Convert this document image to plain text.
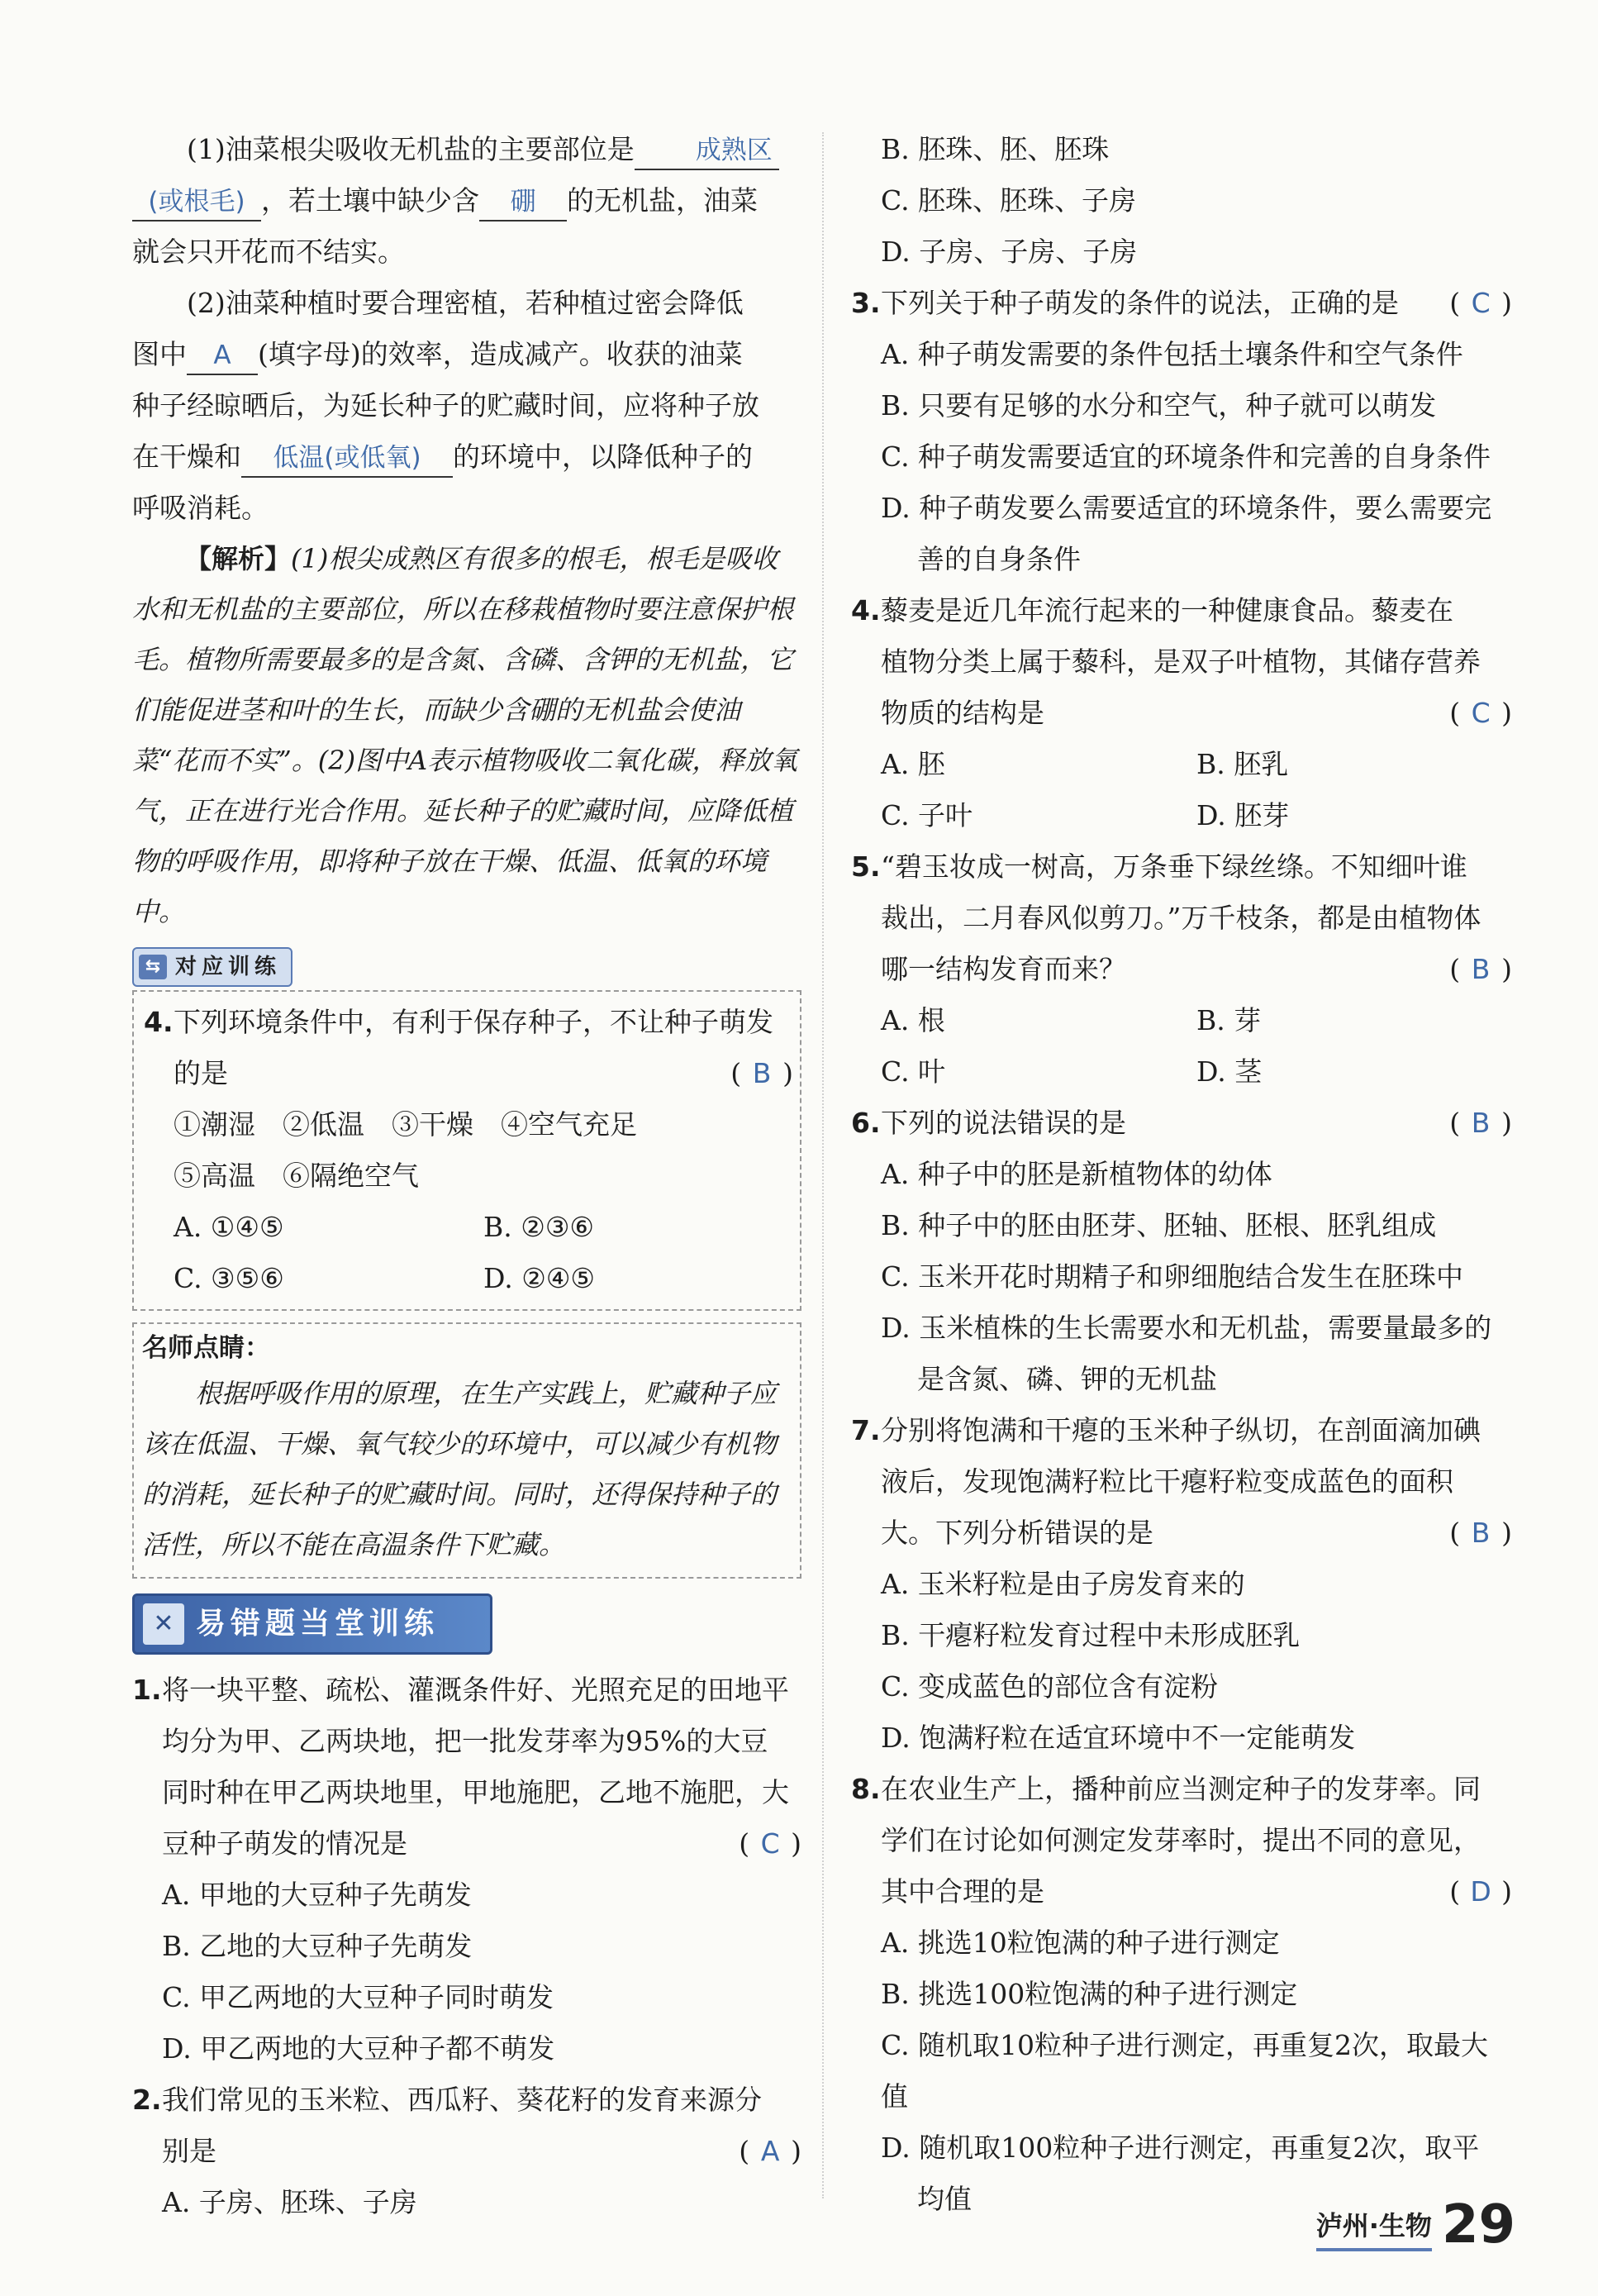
(1)油菜根尖吸收无机盐的主要部位是 成熟区

(或根毛) ，若土壤中缺少含 硼 的无机盐，油菜

就会只开花而不结实。

(2)油菜种植时要合理密植，若种植过密会降低

图中 A (填字母)的效率，造成减产。收获的油菜

种子经晾晒后，为延长种子的贮藏时间，应将种子放

在干燥和 低温(或低氧) 的环境中，以降低种子的

呼吸消耗。

【解析】(1)根尖成熟区有很多的根毛，根毛是吸收水和无机盐的主要部位，所以在移栽植物时要注意保护根毛。植物所需要最多的是含氮、含磷、含钾的无机盐，它们能促进茎和叶的生长，而缺少含硼的无机盐会使油菜“花而不实”。(2)图中A表示植物吸收二氧化碳，释放氧气，正在进行光合作用。延长种子的贮藏时间，应降低植物的呼吸作用，即将种子放在干燥、低温、低氧的环境中。

⇆ 对应训练
4. 下列环境条件中，有利于保存种子，不让种子萌发

的是	( B )

①潮湿　②低温　③干燥　④空气充足

⑤高温　⑥隔绝空气

A. ①④⑤	B. ②③⑥
C. ③⑤⑥	D. ②④⑤
名师点睛：

根据呼吸作用的原理，在生产实践上，贮藏种子应该在低温、干燥、氧气较少的环境中，可以减少有机物的消耗，延长种子的贮藏时间。同时，还得保持种子的活性，所以不能在高温条件下贮藏。

✕ 易错题当堂训练
1. 将一块平整、疏松、灌溉条件好、光照充足的田地平

均分为甲、乙两块地，把一批发芽率为95%的大豆

同时种在甲乙两块地里，甲地施肥，乙地不施肥，大

豆种子萌发的情况是	( C )

A. 甲地的大豆种子先萌发

B. 乙地的大豆种子先萌发

C. 甲乙两地的大豆种子同时萌发

D. 甲乙两地的大豆种子都不萌发

2. 我们常见的玉米粒、西瓜籽、葵花籽的发育来源分

别是	( A )

A. 子房、胚珠、子房

B. 胚珠、胚、胚珠

C. 胚珠、胚珠、子房

D. 子房、子房、子房

3. 下列关于种子萌发的条件的说法，正确的是 ( C )

A. 种子萌发需要的条件包括土壤条件和空气条件

B. 只要有足够的水分和空气，种子就可以萌发

C. 种子萌发需要适宜的环境条件和完善的自身条件

D. 种子萌发要么需要适宜的环境条件，要么需要完

善的自身条件

4. 藜麦是近几年流行起来的一种健康食品。藜麦在

植物分类上属于藜科，是双子叶植物，其储存营养

物质的结构是	( C )

A. 胚	B. 胚乳
C. 子叶	D. 胚芽
5. “碧玉妆成一树高，万条垂下绿丝绦。不知细叶谁

裁出，二月春风似剪刀。”万千枝条，都是由植物体

哪一结构发育而来？	( B )

A. 根	B. 芽
C. 叶	D. 茎
6. 下列的说法错误的是	( B )

A. 种子中的胚是新植物体的幼体

B. 种子中的胚由胚芽、胚轴、胚根、胚乳组成

C. 玉米开花时期精子和卵细胞结合发生在胚珠中

D. 玉米植株的生长需要水和无机盐，需要量最多的

是含氮、磷、钾的无机盐

7. 分别将饱满和干瘪的玉米种子纵切，在剖面滴加碘

液后，发现饱满籽粒比干瘪籽粒变成蓝色的面积

大。下列分析错误的是	( B )

A. 玉米籽粒是由子房发育来的

B. 干瘪籽粒发育过程中未形成胚乳

C. 变成蓝色的部位含有淀粉

D. 饱满籽粒在适宜环境中不一定能萌发

8. 在农业生产上，播种前应当测定种子的发芽率。同

学们在讨论如何测定发芽率时，提出不同的意见，

其中合理的是	( D )

A. 挑选10粒饱满的种子进行测定

B. 挑选100粒饱满的种子进行测定

C. 随机取10粒种子进行测定，再重复2次，取最大值

D. 随机取100粒种子进行测定，再重复2次，取平

均值

泸州·生物 29
